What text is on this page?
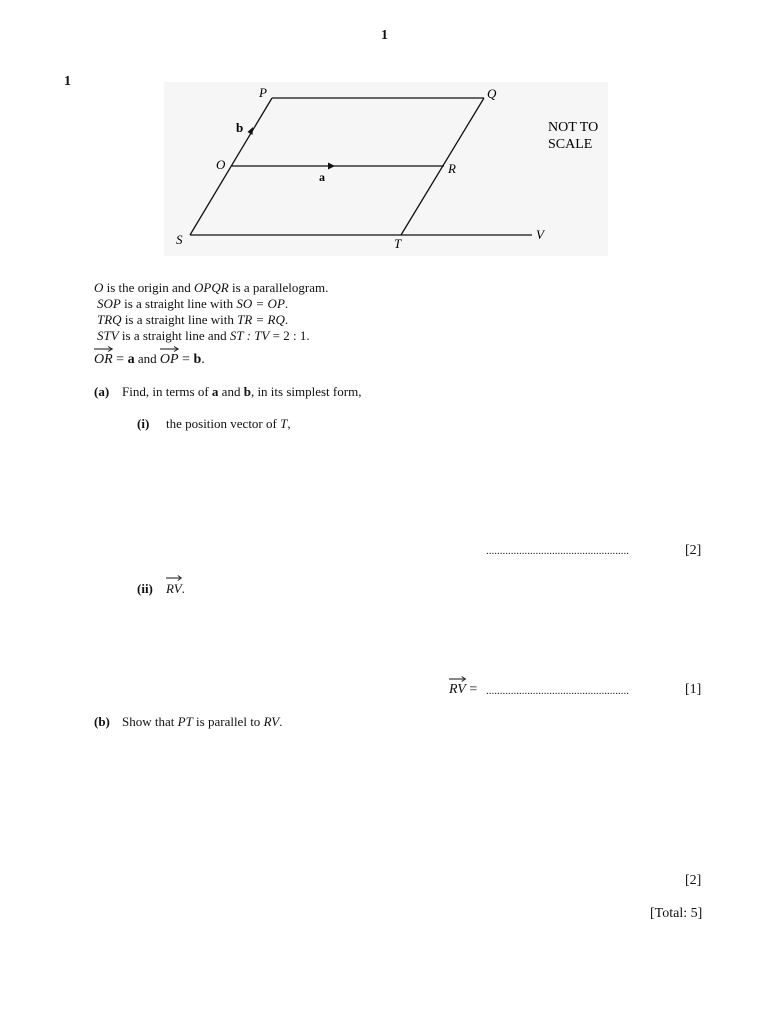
1
1
P	Q
O	R
S	T
V
a
b	NOT TO
SCALE
O is the origin and OPQR is a parallelogram.
SOP is a straight line with SO = OP.
TRQ is a straight line with TR = RQ.
STV is a straight line and ST : TV = 2 : 1.
OR
= a and OP
= b.
(a) Find, in terms of a and b, in its simplest form,
(i) the position vector of T,
....................................................	[2]
(ii) RV
.
RV
= ....................................................	[1]
(b) Show that PT is parallel to RV.
[2]
[Total: 5]
